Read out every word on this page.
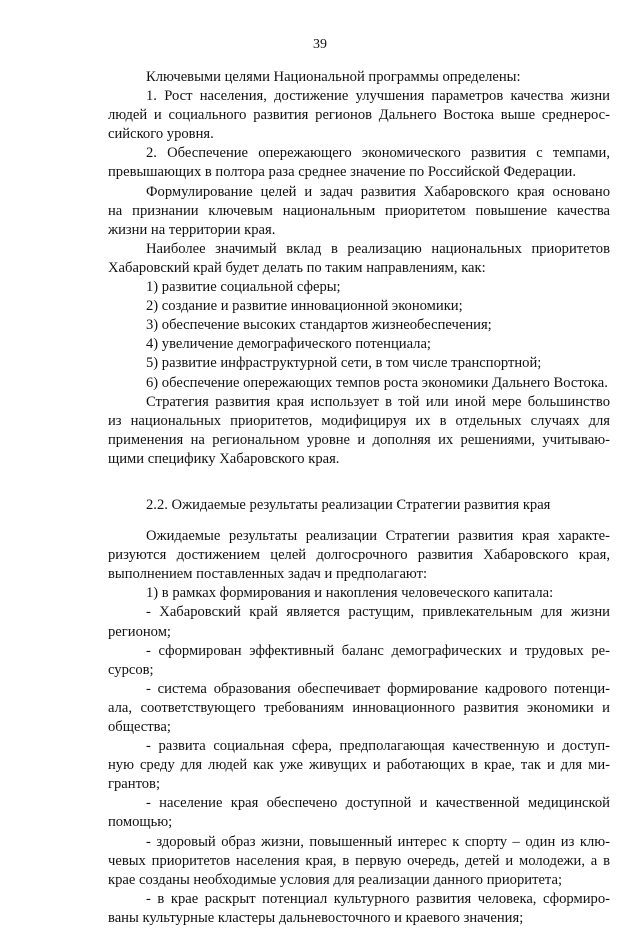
39
Ключевыми целями Национальной программы определены:
1. Рост населения, достижение улучшения параметров качества жизни
людей и социального развития регионов Дальнего Востока выше среднерос-
сийского уровня.
2. Обеспечение опережающего экономического развития с темпами,
превышающих в полтора раза среднее значение по Российской Федерации.
Формулирование целей и задач развития Хабаровского края основано
на признании ключевым национальным приоритетом повышение качества
жизни на территории края.
Наиболее значимый вклад в реализацию национальных приоритетов
Хабаровский край будет делать по таким направлениям, как:
1) развитие социальной сферы;
2) создание и развитие инновационной экономики;
3) обеспечение высоких стандартов жизнеобеспечения;
4) увеличение демографического потенциала;
5) развитие инфраструктурной сети, в том числе транспортной;
6) обеспечение опережающих темпов роста экономики Дальнего Востока.
Стратегия развития края использует в той или иной мере большинство
из национальных приоритетов, модифицируя их в отдельных случаях для
применения на региональном уровне и дополняя их решениями, учитываю-
щими специфику Хабаровского края.
2.2. Ожидаемые результаты реализации Стратегии развития края
Ожидаемые результаты реализации Стратегии развития края характе-
ризуются достижением целей долгосрочного развития Хабаровского края,
выполнением поставленных задач и предполагают:
1) в рамках формирования и накопления человеческого капитала:
- Хабаровский край является растущим, привлекательным для жизни
регионом;
- сформирован эффективный баланс демографических и трудовых ре-
сурсов;
- система образования обеспечивает формирование кадрового потенци-
ала, соответствующего требованиям инновационного развития экономики и
общества;
- развита социальная сфера, предполагающая качественную и доступ-
ную среду для людей как уже живущих и работающих в крае, так и для ми-
грантов;
- население края обеспечено доступной и качественной медицинской
помощью;
- здоровый образ жизни, повышенный интерес к спорту – один из клю-
чевых приоритетов населения края, в первую очередь, детей и молодежи, а в
крае созданы необходимые условия для реализации данного приоритета;
- в крае раскрыт потенциал культурного развития человека, сформиро-
ваны культурные кластеры дальневосточного и краевого значения;
